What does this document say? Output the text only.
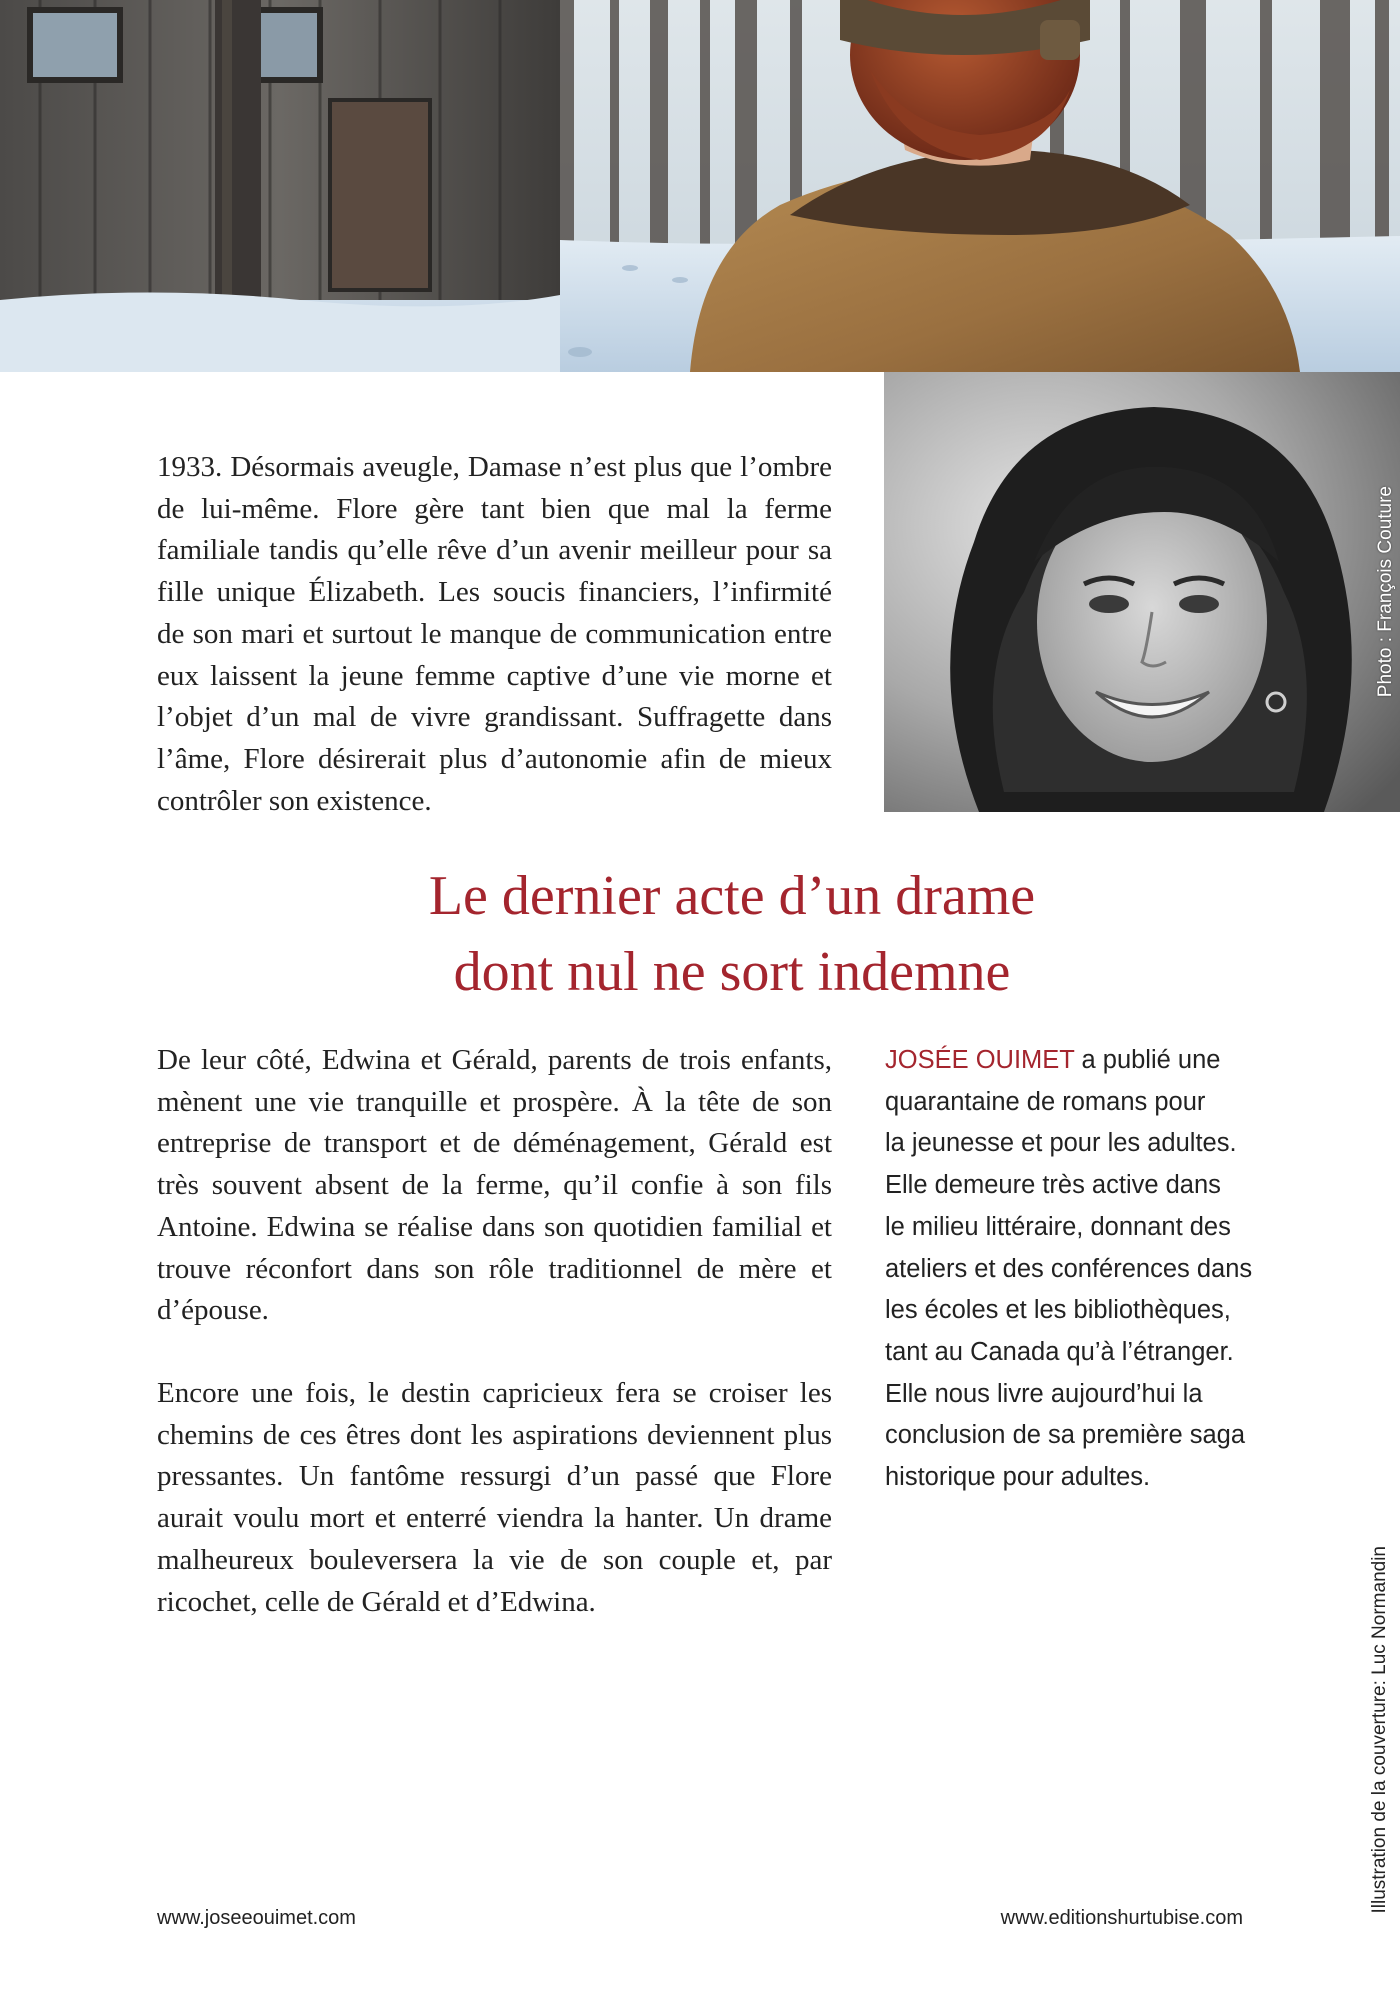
Photo : François Couture

1933. Désormais aveugle, Damase n’est plus que l’ombre de lui-même. Flore gère tant bien que mal la ferme familiale tandis qu’elle rêve d’un avenir meilleur pour sa fille unique Élizabeth. Les soucis financiers, l’infirmité de son mari et surtout le manque de communication entre eux laissent la jeune femme captive d’une vie morne et l’objet d’un mal de vivre grandissant. Suffragette dans l’âme, Flore désirerait plus d’autonomie afin de mieux contrôler son existence.

Le dernier acte d’un drame
dont nul ne sort indemne

De leur côté, Edwina et Gérald, parents de trois enfants, mènent une vie tranquille et prospère. À la tête de son entreprise de transport et de déménagement, Gérald est très souvent absent de la ferme, qu’il confie à son fils Antoine. Edwina se réalise dans son quotidien familial et trouve réconfort dans son rôle traditionnel de mère et d’épouse.

Encore une fois, le destin capricieux fera se croiser les chemins de ces êtres dont les aspirations deviennent plus pressantes. Un fantôme ressurgi d’un passé que Flore aurait voulu mort et enterré viendra la hanter. Un drame malheureux bouleversera la vie de son couple et, par ricochet, celle de Gérald et d’Edwina.

JOSÉE OUIMET a publié une
quarantaine de romans pour
la jeunesse et pour les adultes.
Elle demeure très active dans
le milieu littéraire, donnant des
ateliers et des conférences dans
les écoles et les bibliothèques,
tant au Canada qu’à l’étranger.
Elle nous livre aujourd’hui la
conclusion de sa première saga
historique pour adultes.
www.joseeouimet.com	www.editionshurtubise.com
Illustration de la couverture: Luc Normandin
